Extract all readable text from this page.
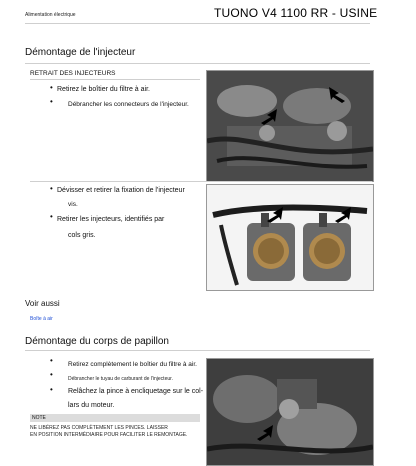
Alimentation électrique	TUONO V4 1100 RR - USINE
Démontage de l'injecteur
RETRAIT DES INJECTEURS
• Retirez le boîtier du filtre à air.
• Débrancher les connecteurs de l'injecteur.
• Dévisser et retirer la fixation de l'injecteur
vis.
• Retirer les injecteurs, identifiés par
cols gris.
Voir aussi
Boîte à air
Démontage du corps de papillon
• Retirez complètement le boîtier du filtre à air.
•	Débrancher le tuyau de carburant de l'injecteur.
• Relâchez la pince à encliquetage sur le col-
lars du moteur.
NOTE
NE LIBÉREZ PAS COMPLÈTEMENT LES PINCES. LAISSER
EN POSITION INTERMÉDIAIRE POUR FACILITER LE REMONTAGE.
